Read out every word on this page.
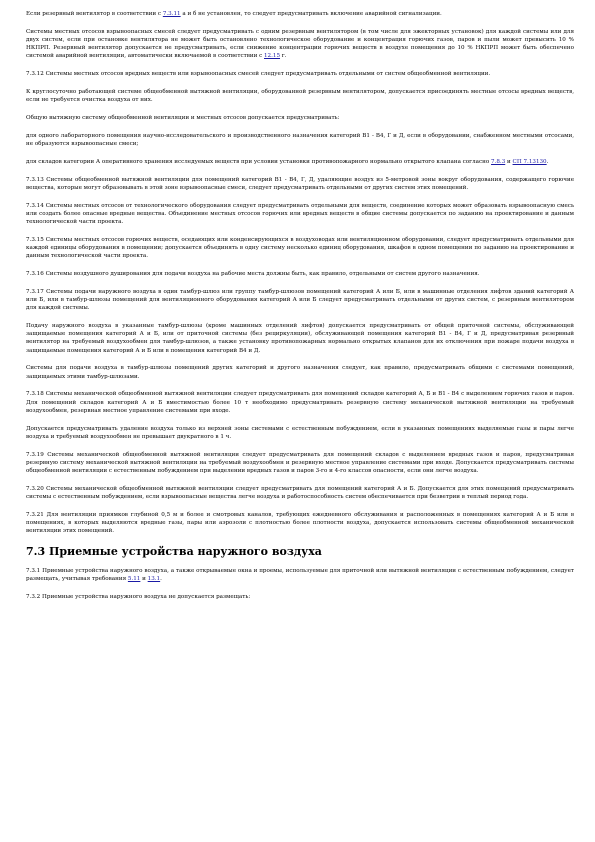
Если резервный вентилятор в соответствии с 7.3.11 а и б не установлен, то следует предусматривать включение аварийной сигнализации.

Системы местных отсосов взрывоопасных смесей следует предусматривать с одним резервным вентилятором (в том числе для эжекторных установок) для каждой системы или для двух систем, если при остановке вентилятора не может быть остановлено технологическое оборудование и концентрация горючих газов, паров и пыли может превысить 10 % НКПРП. Резервный вентилятор допускается не предусматривать, если снижение концентрации горючих веществ в воздухе помещения до 10 % НКПРП может быть обеспечено системой аварийной вентиляции, автоматически включаемой в соответствии с 12.15 г.

7.3.12 Системы местных отсосов вредных веществ или взрывоопасных смесей следует предусматривать отдельными от систем общеобменной вентиляции.

К круглосуточно работающей системе общеобменной вытяжной вентиляции, оборудованной резервным вентилятором, допускается присоединять местные отсосы вредных веществ, если не требуется очистка воздуха от них.

Общую вытяжную систему общеобменной вентиляции и местных отсосов допускается предусматривать:

для одного лабораторного помещения научно-исследовательского и производственного назначения категорий В1 - В4, Г и Д, если в оборудовании, снабженном местными отсосами, не образуются взрывоопасные смеси;

для складов категории А оперативного хранения исследуемых веществ при условии установки противопожарного нормально открытого клапана согласно 7.8.3 и СП 7.13130.

7.3.13 Системы общеобменной вытяжной вентиляции для помещений категорий В1 - В4, Г, Д, удаляющие воздух из 5-метровой зоны вокруг оборудования, содержащего горючие вещества, которые могут образовывать в этой зоне взрывоопасные смеси, следует предусматривать отдельными от других систем этих помещений.

7.3.14 Системы местных отсосов от технологического оборудования следует предусматривать отдельными для веществ, соединение которых может образовать взрывоопасную смесь или создать более опасные вредные вещества. Объединение местных отсосов горючих или вредных веществ в общие системы допускается по заданию на проектирование и данным технологической части проекта.

7.3.15 Системы местных отсосов горючих веществ, оседающих или конденсирующихся в воздуховодах или вентиляционном оборудовании, следует предусматривать отдельными для каждой единицы оборудования в помещении; допускается объединять в одну систему несколько единиц оборудования, шкафов в одном помещении по заданию на проектирование и данным технологической части проекта.

7.3.16 Системы воздушного душирования для подачи воздуха на рабочие места должны быть, как правило, отдельными от систем другого назначения.

7.3.17 Системы подачи наружного воздуха в один тамбур-шлюз или группу тамбур-шлюзов помещений категорий А или Б, или в машинные отделения лифтов зданий категорий А или Б, или в тамбур-шлюзы помещений для вентиляционного оборудования категорий А или Б следует предусматривать отдельными от других систем, с резервным вентилятором для каждой системы.

Подачу наружного воздуха в указанные тамбур-шлюзы (кроме машинных отделений лифтов) допускается предусматривать от общей приточной системы, обслуживающей защищаемые помещения категорий А и Б, или от приточной системы (без рециркуляции), обслуживающей помещения категорий В1 - В4, Г и Д, предусматривая резервный вентилятор на требуемый воздухообмен для тамбур-шлюзов, а также установку противопожарных нормально открытых клапанов для их отключения при пожаре подачи воздуха в защищаемые помещения категорий А и Б или в помещения категорий В4 и Д.

Системы для подачи воздуха в тамбур-шлюзы помещений других категорий и другого назначения следует, как правило, предусматривать общими с системами помещений, защищаемых этими тамбур-шлюзами.

7.3.18 Системы механической общеобменной вытяжной вентиляции следует предусматривать для помещений складов категорий А, Б и В1 - В4 с выделением горючих газов и паров. Для помещений складов категорий А и Б вместимостью более 10 т необходимо предусматривать резервную систему механической вытяжной вентиляции на требуемый воздухообмен, резервная местное управление системами при входе.

Допускается предусматривать удаление воздуха только из верхней зоны системами с естественным побуждением, если в указанных помещениях выделяемые газы и пары легче воздуха и требуемый воздухообмен не превышает двукратного в 1 ч.

7.3.19 Системы механической общеобменной вытяжной вентиляции следует предусматривать для помещений складов с выделением вредных газов и паров, предусматривая резервную систему механической вытяжной вентиляции на требуемый воздухообмен и резервную местное управление системами при входе. Допускается предусматривать системы общеобменной вентиляции с естественным побуждением при выделении вредных газов и паров 3-го и 4-го классов опасности, если они легче воздуха.

7.3.20 Системы механической общеобменной вытяжной вентиляции следует предусматривать для помещений категорий А и Б. Допускается для этих помещений предусматривать системы с естественным побуждением, если взрывоопасные вещества легче воздуха и работоспособность систем обеспечивается при безветрии в теплый период года.

7.3.21 Для вентиляции приямков глубиной 0,5 м и более и смотровых каналов, требующих ежедневного обслуживания и расположенных в помещениях категорий А и Б или в помещениях, в которых выделяются вредные газы, пары или аэрозоли с плотностью более плотности воздуха, допускается использовать системы общеобменной механической вентиляции этих помещений.

7.3 Приемные устройства наружного воздуха

7.3.1 Приемные устройства наружного воздуха, а также открываемые окна и проемы, используемые для приточной или вытяжной вентиляции с естественным побуждением, следует размещать, учитывая требования 5.11 и 13.1.

7.3.2 Приемные устройства наружного воздуха не допускается размещать:
